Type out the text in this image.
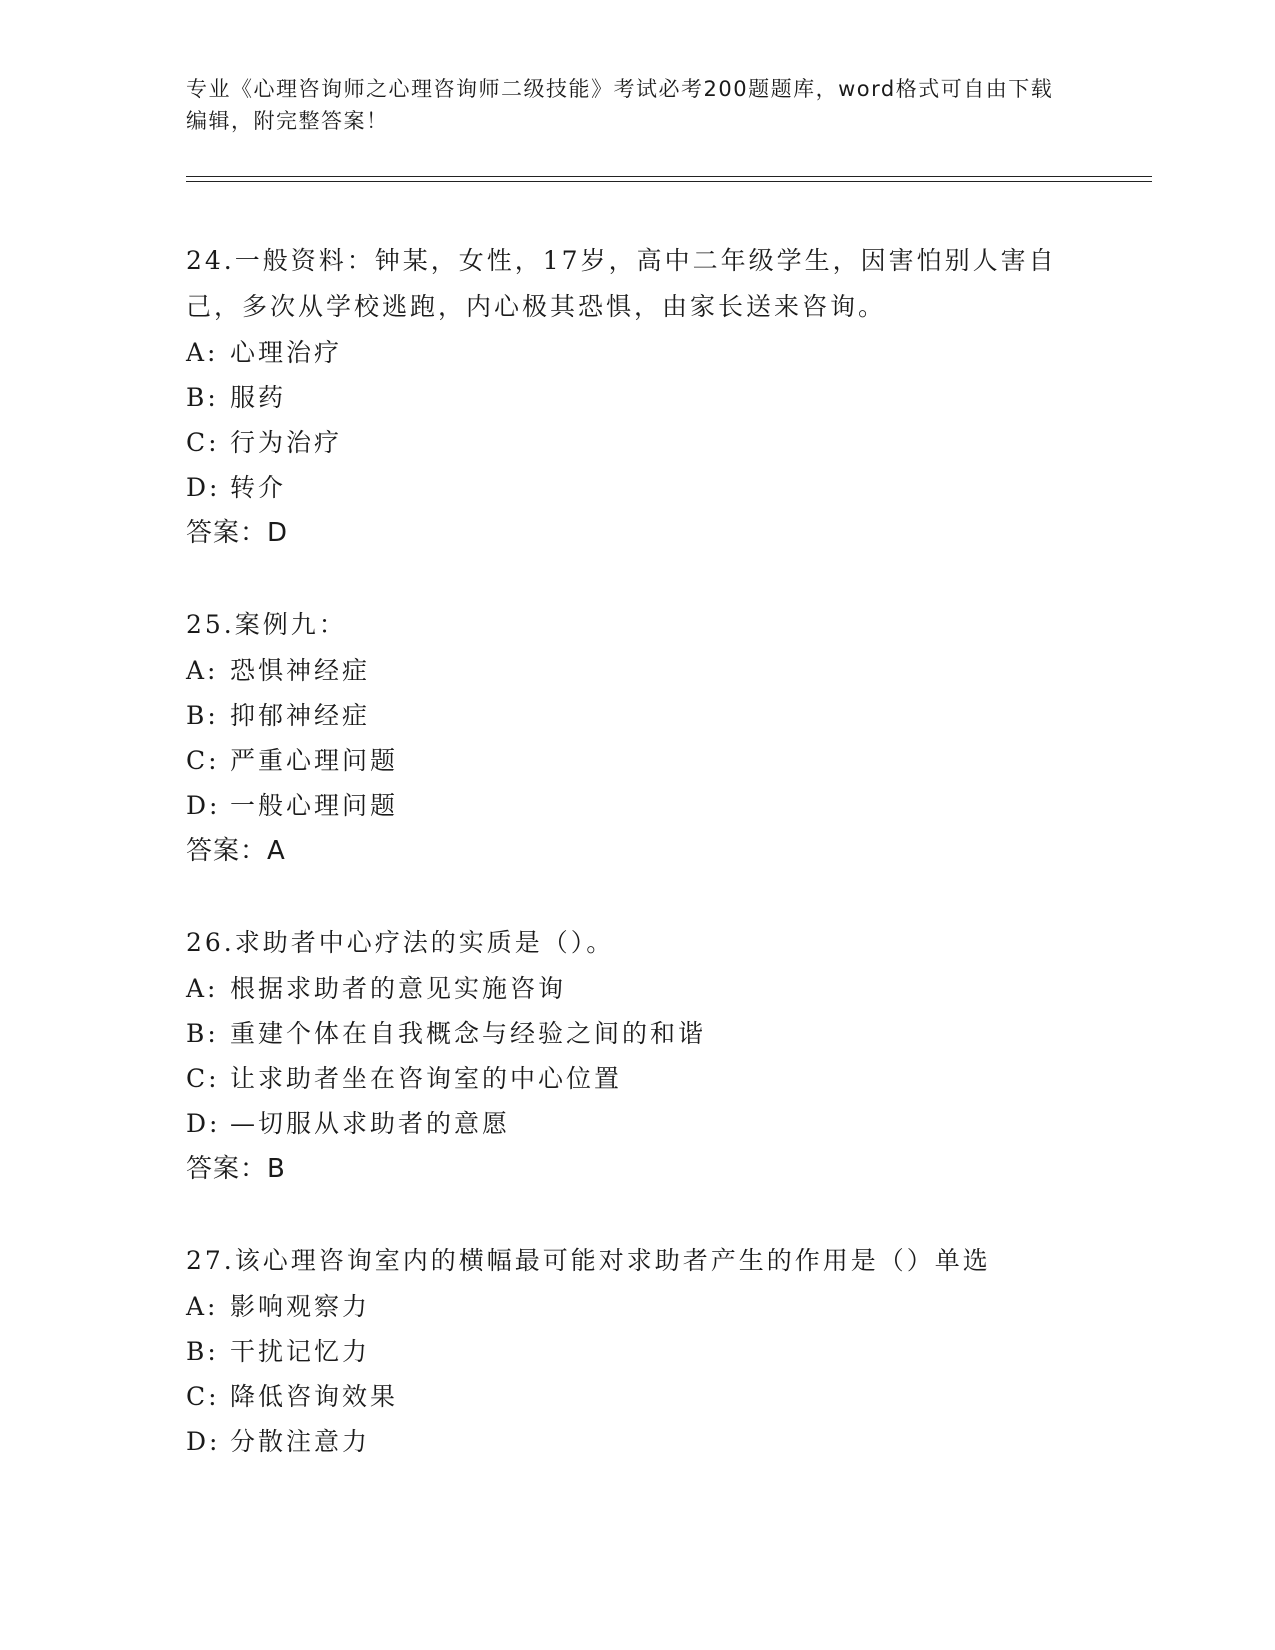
专业《心理咨询师之心理咨询师二级技能》考试必考200题题库，word格式可自由下载编辑，附完整答案！
24.一般资料：钟某，女性，17岁，高中二年级学生，因害怕别人害自己，多次从学校逃跑，内心极其恐惧，由家长送来咨询。
A: 心理治疗
B: 服药
C: 行为治疗
D: 转介
答案：D
25.案例九：
A: 恐惧神经症
B: 抑郁神经症
C: 严重心理问题
D: 一般心理问题
答案：A
26.求助者中心疗法的实质是（）。
A: 根据求助者的意见实施咨询
B: 重建个体在自我概念与经验之间的和谐
C: 让求助者坐在咨询室的中心位置
D: —切服从求助者的意愿
答案：B
27.该心理咨询室内的横幅最可能对求助者产生的作用是（）单选
A: 影响观察力
B: 干扰记忆力
C: 降低咨询效果
D: 分散注意力
